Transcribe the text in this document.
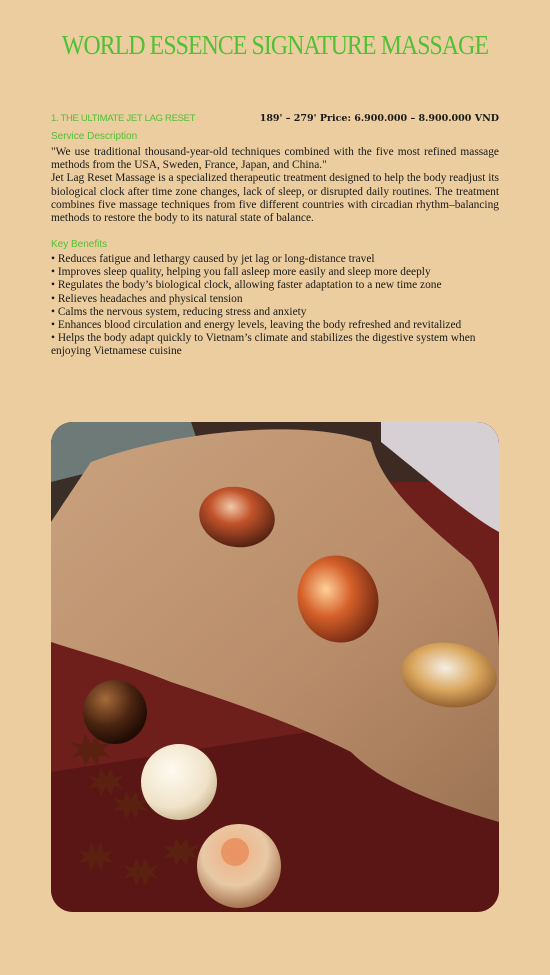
WORLD ESSENCE SIGNATURE MASSAGE
1. THE ULTIMATE JET LAG RESET	189' – 279' Price: 6.900.000 – 8.900.000 VND
Service Description

"We use traditional thousand-year-old techniques combined with the five most refined massage methods from the USA, Sweden, France, Japan, and China."

Jet Lag Reset Massage is a specialized therapeutic treatment designed to help the body readjust its biological clock after time zone changes, lack of sleep, or disrupted daily routines. The treatment combines five massage techniques from five different countries with circadian rhythm–balancing methods to restore the body to its natural state of balance.

Key Benefits
• Reduces fatigue and lethargy caused by jet lag or long-distance travel
• Improves sleep quality, helping you fall asleep more easily and sleep more deeply
• Regulates the body’s biological clock, allowing faster adaptation to a new time zone
• Relieves headaches and physical tension
• Calms the nervous system, reducing stress and anxiety
• Enhances blood circulation and energy levels, leaving the body refreshed and revitalized
• Helps the body adapt quickly to Vietnam’s climate and stabilizes the digestive system when enjoying Vietnamese cuisine
